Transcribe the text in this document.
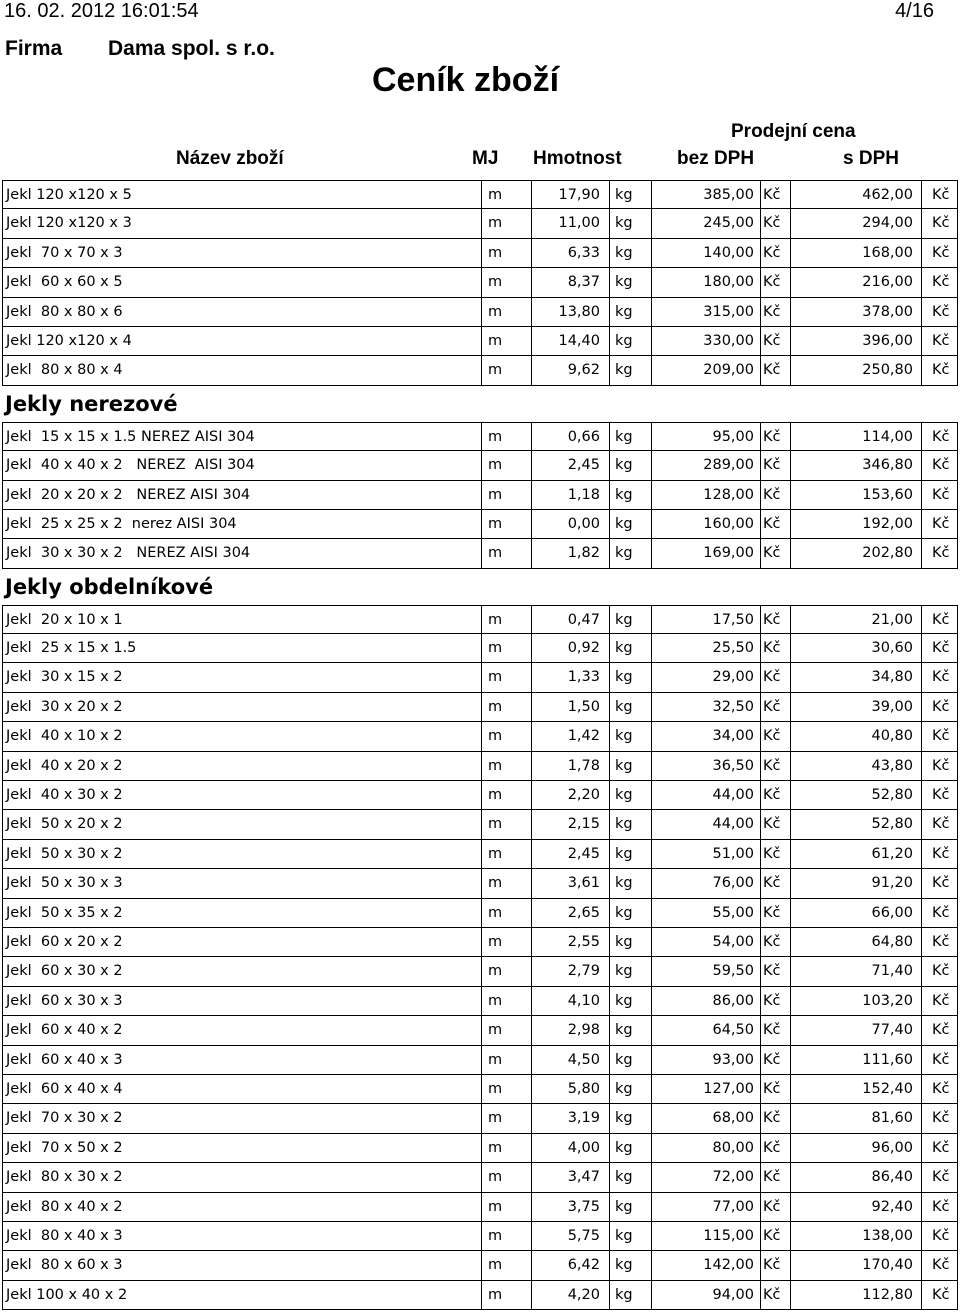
16. 02. 2012 16:01:54	4/16
Firma Dama spol. s r.o.
Ceník zboží
Název zboží	MJ Hmotnost
Prodejní cena
bez DPH	s DPH
Jekl 120 x120 x 5	m	17,90 kg	385,00 Kč	462,00 Kč
Jekl 120 x120 x 3	m	11,00 kg	245,00 Kč	294,00 Kč
Jekl  70 x 70 x 3	m	6,33 kg	140,00 Kč	168,00 Kč
Jekl  60 x 60 x 5	m	8,37 kg	180,00 Kč	216,00 Kč
Jekl  80 x 80 x 6	m	13,80 kg	315,00 Kč	378,00 Kč
Jekl 120 x120 x 4	m	14,40 kg	330,00 Kč	396,00 Kč
Jekl  80 x 80 x 4	m	9,62 kg	209,00 Kč	250,80 Kč
Jekly nerezové
Jekl  15 x 15 x 1.5 NEREZ AISI 304	m	0,66 kg	95,00 Kč	114,00 Kč
Jekl  40 x 40 x 2   NEREZ  AISI 304	m	2,45 kg	289,00 Kč	346,80 Kč
Jekl  20 x 20 x 2   NEREZ AISI 304	m	1,18 kg	128,00 Kč	153,60 Kč
Jekl  25 x 25 x 2  nerez AISI 304	m	0,00 kg	160,00 Kč	192,00 Kč
Jekl  30 x 30 x 2   NEREZ AISI 304	m	1,82 kg	169,00 Kč	202,80 Kč
Jekly obdelníkové
Jekl  20 x 10 x 1	m	0,47 kg	17,50 Kč	21,00 Kč
Jekl  25 x 15 x 1.5	m	0,92 kg	25,50 Kč	30,60 Kč
Jekl  30 x 15 x 2	m	1,33 kg	29,00 Kč	34,80 Kč
Jekl  30 x 20 x 2	m	1,50 kg	32,50 Kč	39,00 Kč
Jekl  40 x 10 x 2	m	1,42 kg	34,00 Kč	40,80 Kč
Jekl  40 x 20 x 2	m	1,78 kg	36,50 Kč	43,80 Kč
Jekl  40 x 30 x 2	m	2,20 kg	44,00 Kč	52,80 Kč
Jekl  50 x 20 x 2	m	2,15 kg	44,00 Kč	52,80 Kč
Jekl  50 x 30 x 2	m	2,45 kg	51,00 Kč	61,20 Kč
Jekl  50 x 30 x 3	m	3,61 kg	76,00 Kč	91,20 Kč
Jekl  50 x 35 x 2	m	2,65 kg	55,00 Kč	66,00 Kč
Jekl  60 x 20 x 2	m	2,55 kg	54,00 Kč	64,80 Kč
Jekl  60 x 30 x 2	m	2,79 kg	59,50 Kč	71,40 Kč
Jekl  60 x 30 x 3	m	4,10 kg	86,00 Kč	103,20 Kč
Jekl  60 x 40 x 2	m	2,98 kg	64,50 Kč	77,40 Kč
Jekl  60 x 40 x 3	m	4,50 kg	93,00 Kč	111,60 Kč
Jekl  60 x 40 x 4	m	5,80 kg	127,00 Kč	152,40 Kč
Jekl  70 x 30 x 2	m	3,19 kg	68,00 Kč	81,60 Kč
Jekl  70 x 50 x 2	m	4,00 kg	80,00 Kč	96,00 Kč
Jekl  80 x 30 x 2	m	3,47 kg	72,00 Kč	86,40 Kč
Jekl  80 x 40 x 2	m	3,75 kg	77,00 Kč	92,40 Kč
Jekl  80 x 40 x 3	m	5,75 kg	115,00 Kč	138,00 Kč
Jekl  80 x 60 x 3	m	6,42 kg	142,00 Kč	170,40 Kč
Jekl 100 x 40 x 2	m	4,20 kg	94,00 Kč	112,80 Kč
